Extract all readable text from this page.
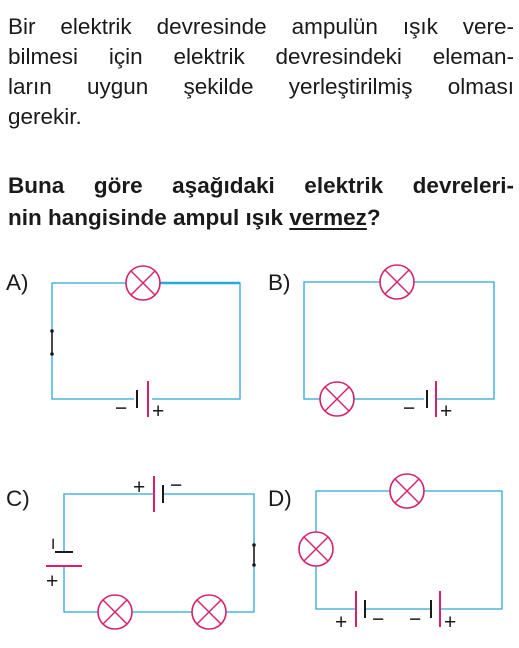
Bir elektrik devresinde ampulün ışık vere-
bilmesi için elektrik devresindeki eleman-
ların uygun şekilde yerleştirilmiş olması
gerekir.
Buna göre aşağıdaki elektrik devreleri-
nin hangisinde ampul ışık vermez?
A)	B)
C)	D)
− +	− +
+ −
−
+
+ − − +
